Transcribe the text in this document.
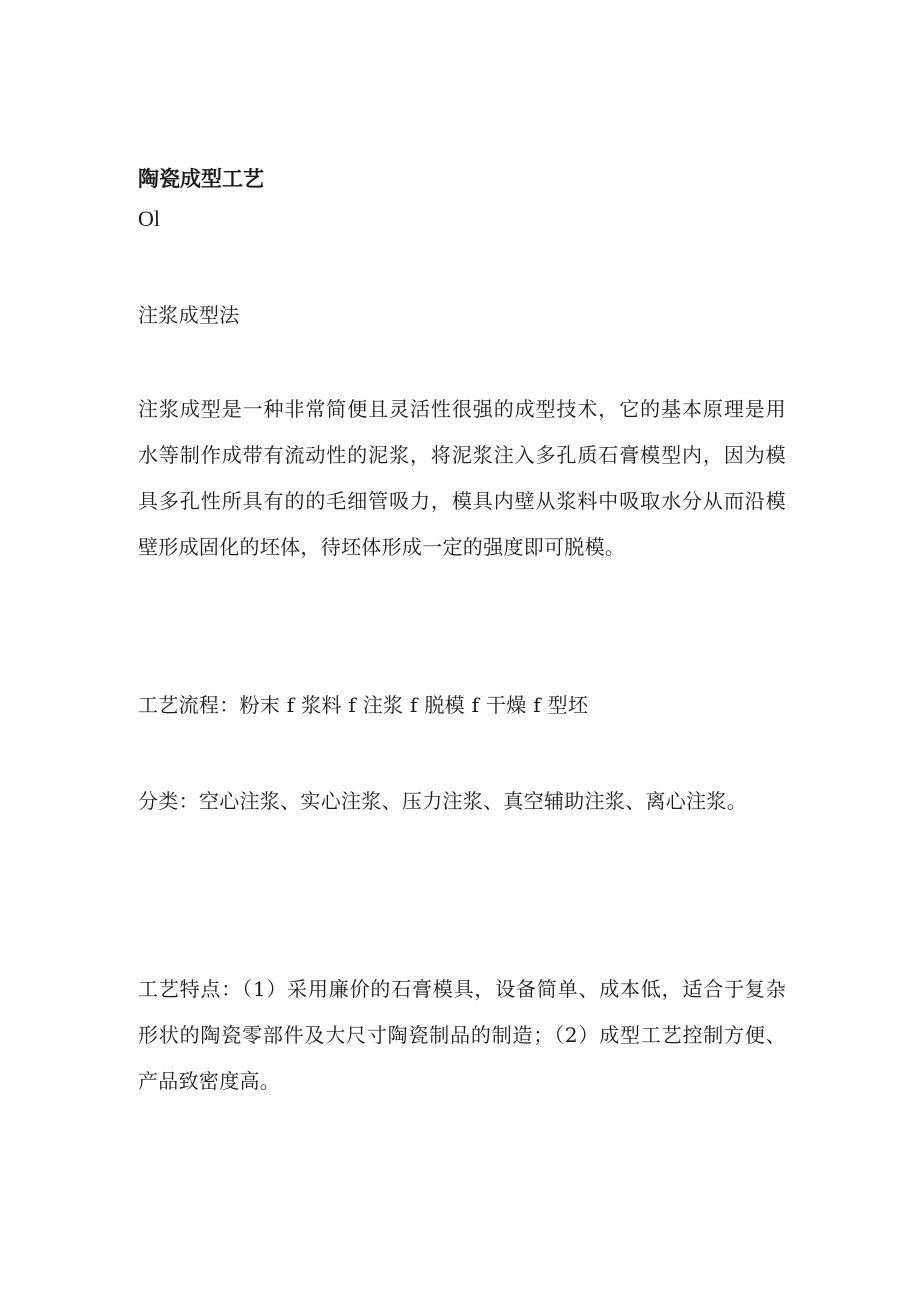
陶瓷成型工艺

Ol

注浆成型法

注浆成型是一种非常简便且灵活性很强的成型技术，它的基本原理是用水等制作成带有流动性的泥浆，将泥浆注入多孔质石膏模型内，因为模具多孔性所具有的的毛细管吸力，模具内壁从浆料中吸取水分从而沿模壁形成固化的坯体，待坯体形成一定的强度即可脱模。

工艺流程：粉末 f 浆料 f 注浆 f 脱模 f 干燥 f 型坯

分类：空心注浆、实心注浆、压力注浆、真空辅助注浆、离心注浆。

工艺特点：（1）采用廉价的石膏模具，设备简单、成本低，适合于复杂形状的陶瓷零部件及大尺寸陶瓷制品的制造；（2）成型工艺控制方便、产品致密度高。
